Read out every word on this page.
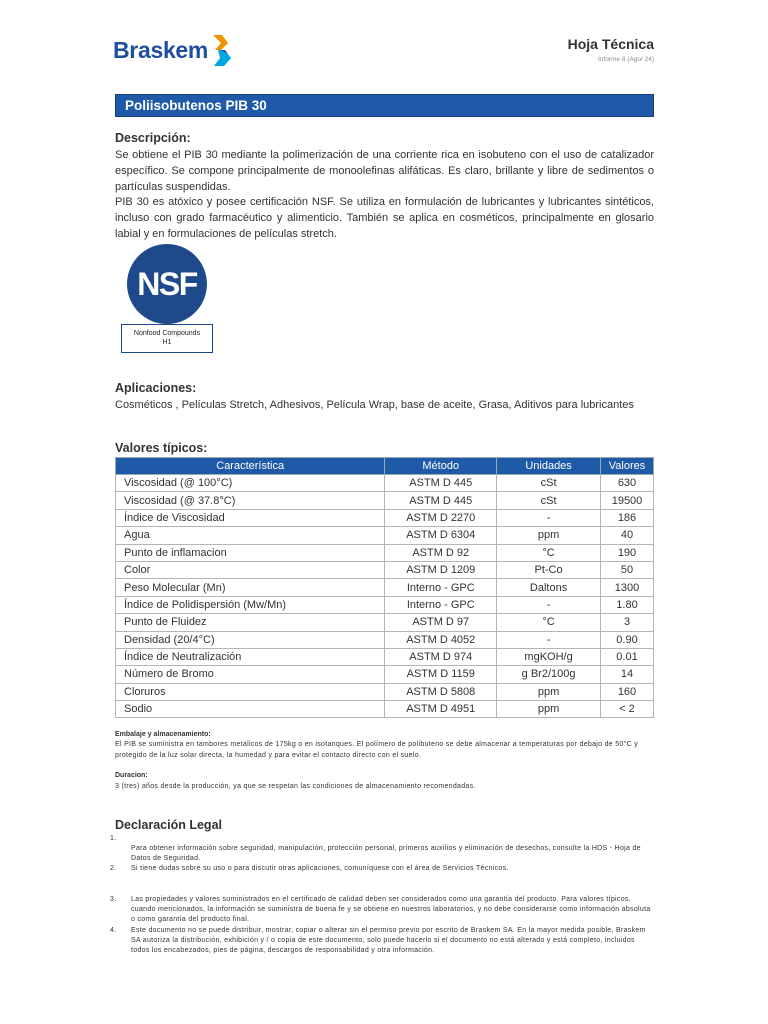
Braskem	Hoja Técnica
Informe 8 (Ago/ 24)
Poliisobutenos PIB 30
Descripción:
Se obtiene el PIB 30 mediante la polimerización de una corriente rica en isobuteno con el uso de catalizador específico. Se compone principalmente de monoolefinas alifáticas. Es claro, brillante y libre de sedimentos o partículas suspendidas.
PIB 30 es atóxico y posee certificación NSF. Se utiliza en formulación de lubricantes y lubricantes sintéticos, incluso con grado farmacéutico y alimenticio. También se aplica en cosméticos, principalmente en glosario labial y en formulaciones de películas stretch.
NSF
Nonfood Compounds
H1
Aplicaciones:
Cosméticos , Películas Stretch, Adhesivos, Película Wrap, base de aceite, Grasa, Aditivos para lubricantes
Valores típicos:
Característica	Método	Unidades	Valores
Viscosidad (@ 100°C)	ASTM D 445	cSt	630
Viscosidad (@ 37.8°C)	ASTM D 445	cSt	19500
Índice de Viscosidad	ASTM D 2270	-	186
Agua	ASTM D 6304	ppm	40
Punto de inflamacion	ASTM D 92	°C	190
Color	ASTM D 1209	Pt-Co	50
Peso Molecular (Mn)	Interno - GPC	Daltons	1300
Índice de Polidispersión (Mw/Mn)	Interno - GPC	-	1.80
Punto de Fluidez	ASTM D 97	°C	3
Densidad (20/4°C)	ASTM D 4052	-	0.90
Índice de Neutralización	ASTM D 974	mgKOH/g	0.01
Número de Bromo	ASTM D 1159	g Br2/100g	14
Cloruros	ASTM D 5808	ppm	160
Sodio	ASTM D 4951	ppm	< 2
Embalaje y almacenamiento:
El PIB se suministra en tambores metálicos de 175kg o en isotanques. El polímero de polibuteno se debe almacenar a temperaturas por debajo de 50°C y protegido de la luz solar directa, la humedad y para evitar el contacto directo con el suelo.
Duracion:
3 (tres) años desde la producción, ya que se respetan las condiciones de almacenamiento recomendadas.
Declaración Legal
1.
Para obtener información sobre seguridad, manipulación, protección personal, primeros auxilios y eliminación de desechos, consulte la HDS - Hoja de Datos de Seguridad.
2. Si tiene dudas sobre su uso o para discutir otras aplicaciones, comuníquese con el área de Servicios Técnicos.
3. Las propiedades y valores suministrados en el certificado de calidad deben ser considerados como una garantía del producto. Para valores típicos, cuando mencionados, la información se suministra de buena fe y se obtiene en nuestros laboratorios, y no debe considerarse como información absoluta o como garantía del producto final.
4. Este documento no se puede distribuir, mostrar, copiar o alterar sin el permiso previo por escrito de Braskem SA. En la mayor medida posible, Braskem SA autoriza la distribución, exhibición y / o copia de este documento, solo puede hacerlo si el documento no está alterado y está completo, incluidos todos los encabezados, pies de página, descargos de responsabilidad y otra información.
